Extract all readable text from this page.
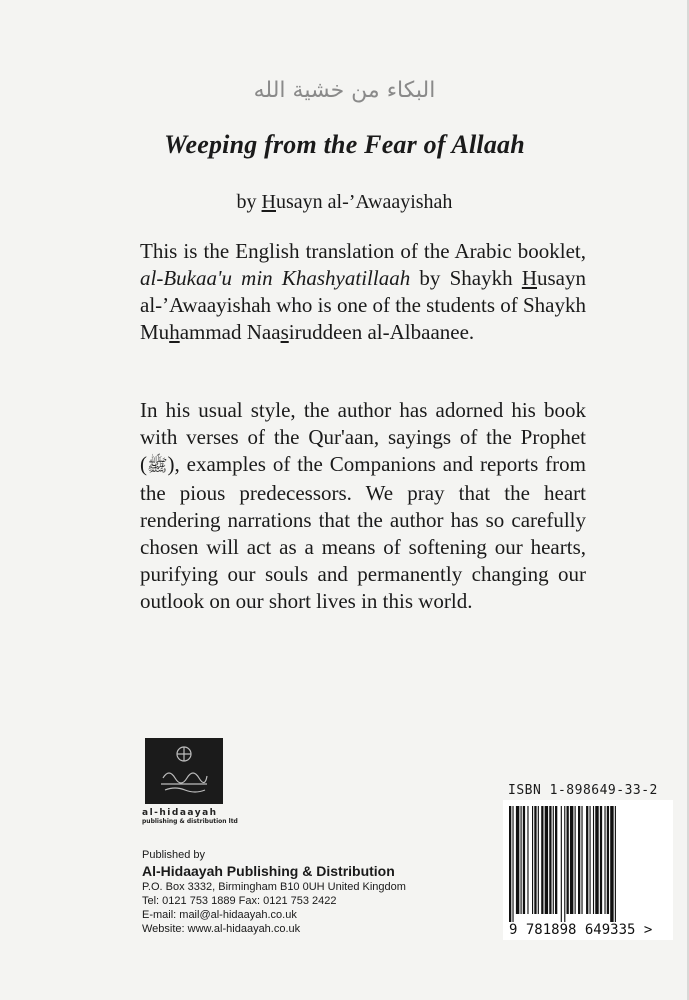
البكاء من خشية الله
Weeping from the Fear of Allaah
by Husayn al-’Awaayishah
This is the English translation of the Arabic booklet, al-Bukaa'u min Khashyatillaah by Shaykh Husayn al-’Awaayishah who is one of the students of Shaykh Muhammad Naasiruddeen al-Albaanee.
In his usual style, the author has adorned his book with verses of the Qur'aan, sayings of the Prophet (ﷺ), examples of the Companions and reports from the pious predecessors. We pray that the heart rendering narrations that the author has so carefully chosen will act as a means of softening our hearts, purifying our souls and permanently changing our outlook on our short lives in this world.
al-hidaayah
publishing & distribution ltd
Published by
Al-Hidaayah Publishing & Distribution
P.O. Box 3332, Birmingham B10 0UH United Kingdom
Tel: 0121 753 1889 Fax: 0121 753 2422
E-mail: mail@al-hidaayah.co.uk
Website: www.al-hidaayah.co.uk
ISBN 1-898649-33-2
9 781898 649335 >
